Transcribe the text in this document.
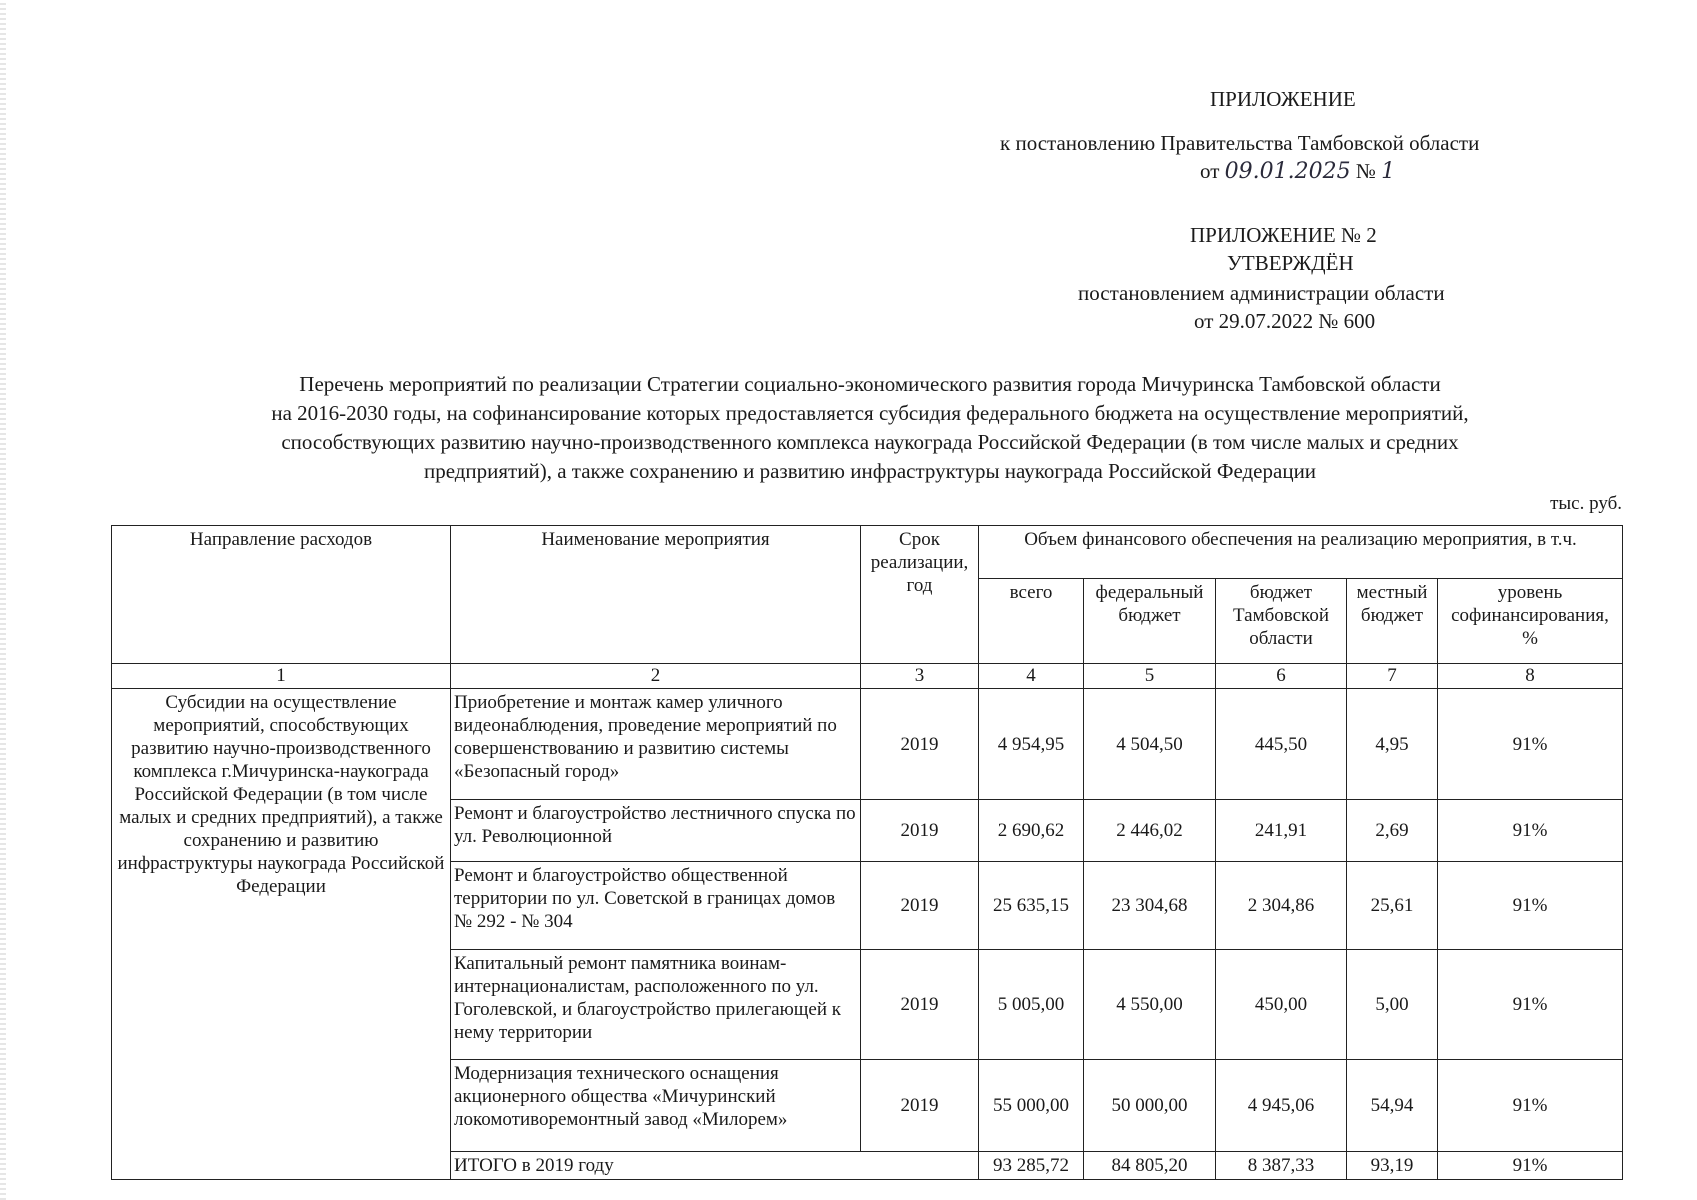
ПРИЛОЖЕНИЕ
к постановлению Правительства Тамбовской области
от 09.01.2025 № 1
ПРИЛОЖЕНИЕ № 2
УТВЕРЖДЁН
постановлением администрации области
от 29.07.2022 № 600
Перечень мероприятий по реализации Стратегии социально-экономического развития города Мичуринска Тамбовской области
на 2016-2030 годы, на софинансирование которых предоставляется субсидия федерального бюджета на осуществление мероприятий,
способствующих развитию научно-производственного комплекса наукограда Российской Федерации (в том числе малых и средних
предприятий), а также сохранению и развитию инфраструктуры наукограда Российской Федерации
тыс. руб.
Направление расходов	Наименование мероприятия	Срок реализации, год	Объем финансового обеспечения на реализацию мероприятия, в т.ч.				
			всего	федеральный бюджет	бюджет Тамбовской области	местный бюджет	уровень софинансирования, %
1	2	3	4	5	6	7	8
Субсидии на осуществление мероприятий, способствующих развитию научно-производственного комплекса г.Мичуринска-наукограда Российской Федерации (в том числе малых и средних предприятий), а также сохранению и развитию инфраструктуры наукограда Российской Федерации	Приобретение и монтаж камер уличного видеонаблюдения, проведение мероприятий по совершенствованию и развитию системы «Безопасный город»	2019	4 954,95	4 504,50	445,50	4,95	91%
	Ремонт и благоустройство лестничного спуска по ул. Революционной	2019	2 690,62	2 446,02	241,91	2,69	91%
	Ремонт и благоустройство общественной территории по ул. Советской в границах домов № 292 - № 304	2019	25 635,15	23 304,68	2 304,86	25,61	91%
	Капитальный ремонт памятника воинам-интернационалистам, расположенного по ул. Гоголевской, и благоустройство прилегающей к нему территории	2019	5 005,00	4 550,00	450,00	5,00	91%
	Модернизация технического оснащения акционерного общества «Мичуринский локомотиворемонтный завод «Милорем»	2019	55 000,00	50 000,00	4 945,06	54,94	91%
	ИТОГО в 2019 году		93 285,72	84 805,20	8 387,33	93,19	91%
